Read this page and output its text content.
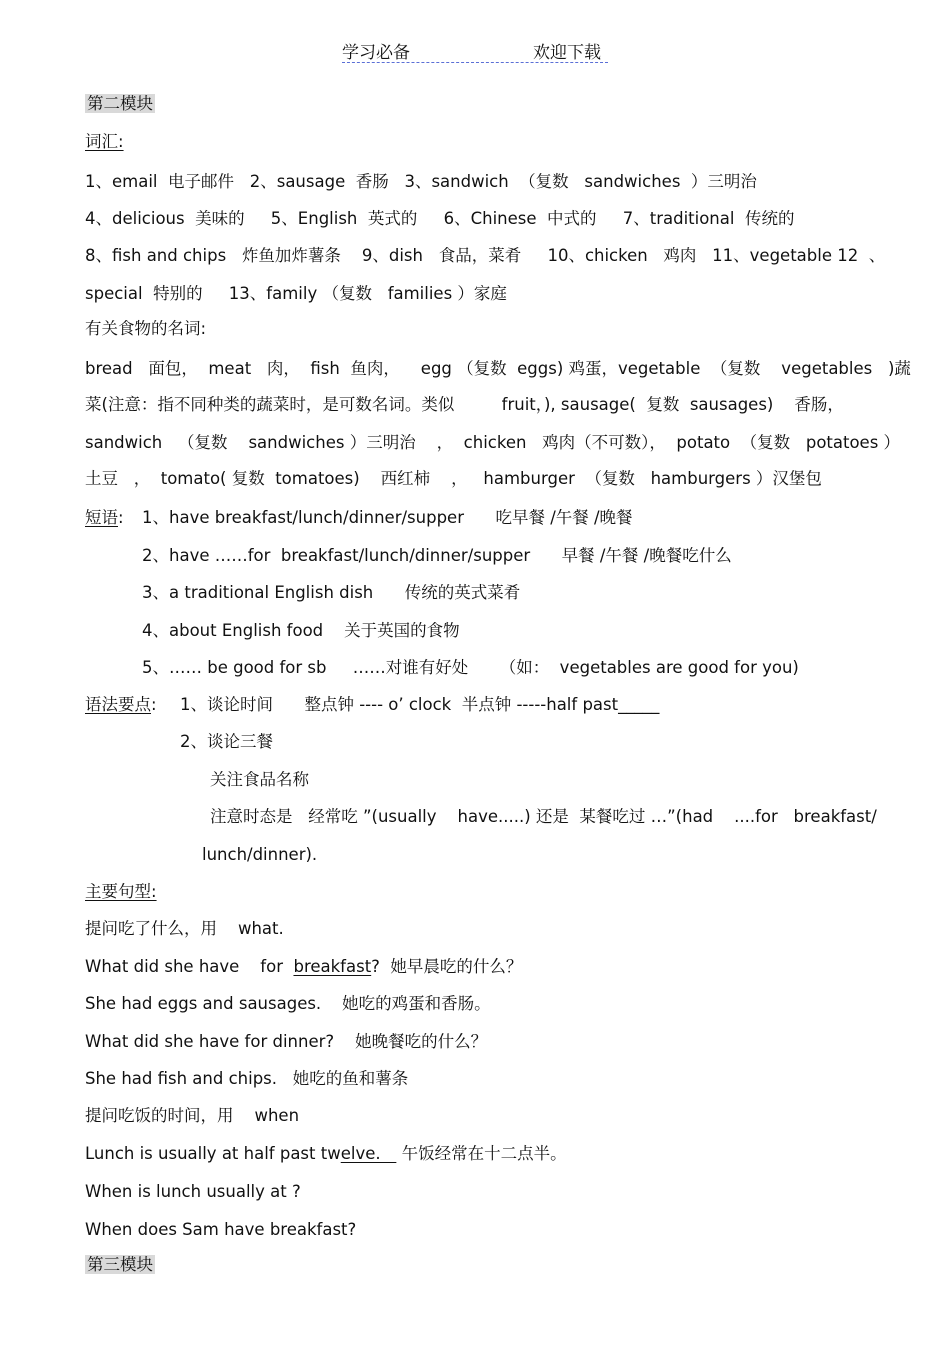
学习必备	欢迎下载
第二模块
词汇:
1、email  电子邮件   2、sausage  香肠   3、sandwich  （复数   sandwiches  ）三明治
4、delicious  美味的     5、English  英式的     6、Chinese  中式的     7、traditional  传统的
8、fish and chips   炸鱼加炸薯条    9、dish   食品，菜肴     10、chicken   鸡肉   11、vegetable 12  、
special  特别的     13、family （复数   families ）家庭
有关食物的名词:
bread   面包，  meat   肉，  fish  鱼肉，    egg （复数  eggs) 鸡蛋，vegetable  （复数    vegetables   )蔬
菜(注意：指不同种类的蔬菜时，是可数名词。类似         fruit，), sausage(  复数  sausages)    香肠，
sandwich   （复数    sandwiches ）三明治    ，  chicken   鸡肉（不可数），  potato  （复数   potatoes ）
土豆   ，  tomato( 复数  tomatoes)    西红柿    ，   hamburger  （复数   hamburgers ）汉堡包
短语: 1、have breakfast/lunch/dinner/supper      吃早餐 /午餐 /晚餐
2、have ……for  breakfast/lunch/dinner/supper      早餐 /午餐 /晚餐吃什么
3、a traditional English dish      传统的英式菜肴
4、about English food    关于英国的食物
5、…… be good for sb     ……对谁有好处      （如：  vegetables are good for you)
语法要点: 1、谈论时间      整点钟 ---- o’ clock  半点钟 -----half past_____
2、谈论三餐
关注食品名称
注意时态是   经常吃 ”(usually    have.....) 还是  某餐吃过 …”(had    ....for   breakfast/
lunch/dinner).
主要句型:
提问吃了什么，用    what.
What did she have    for  breakfast?  她早晨吃的什么？
She had eggs and sausages.    她吃的鸡蛋和香肠。
What did she have for dinner?    她晚餐吃的什么？
She had fish and chips.   她吃的鱼和薯条
提问吃饭的时间，用    when
Lunch is usually at half past twelve.    午饭经常在十二点半。
When is lunch usually at ?
When does Sam have breakfast?
第三模块
